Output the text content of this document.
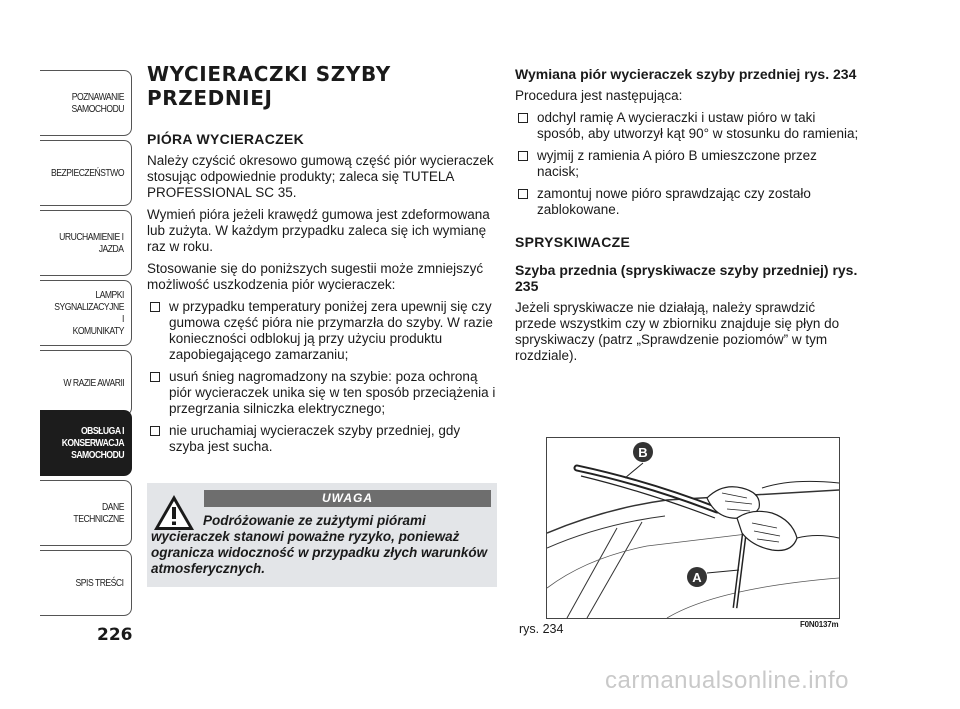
POZNAWANIE
SAMOCHODU
BEZPIECZEŃSTWO
URUCHAMIENIE I
JAZDA
LAMPKI
SYGNALIZACYJNE I
KOMUNIKATY
W RAZIE AWARII
OBSŁUGA I
KONSERWACJA
SAMOCHODU
DANE TECHNICZNE
SPIS TREŚCI
226
WYCIERACZKI SZYBY PRZEDNIEJ
PIÓRA WYCIERACZEK

Należy czyścić okresowo gumową część piór wycieraczek stosując odpowiednie produkty; zaleca się TUTELA PROFESSIONAL SC 35.

Wymień pióra jeżeli krawędź gumowa jest zdeformowana lub zużyta. W każdym przypadku zaleca się ich wymianę raz w roku.

Stosowanie się do poniższych sugestii może zmniejszyć możliwość uszkodzenia piór wycieraczek:

w przypadku temperatury poniżej zera upewnij się czy gumowa część pióra nie przymarzła do szyby. W razie konieczności odblokuj ją przy użyciu produktu zapobiegającego zamarzaniu;
usuń śnieg nagromadzony na szybie: poza ochroną piór wycieraczek unika się w ten sposób przeciążenia i przegrzania silniczka elektrycznego;
nie uruchamiaj wycieraczek szyby przedniej, gdy szyba jest sucha.
UWAGA
Podróżowanie ze zużytymi piórami wycieraczek stanowi poważne ryzyko, ponieważ ogranicza widoczność w przypadku złych warunków atmosferycznych.
Wymiana piór wycieraczek szyby przedniej rys. 234

Procedura jest następująca:

odchyl ramię A wycieraczki i ustaw pióro w taki sposób, aby utworzył kąt 90° w stosunku do ramienia;
wyjmij z ramienia A pióro B umieszczone przez nacisk;
zamontuj nowe pióro sprawdzając czy zostało zablokowane.
SPRYSKIWACZE
Szyba przednia (spryskiwacze szyby przedniej) rys. 235

Jeżeli spryskiwacze nie działają, należy sprawdzić przede wszystkim czy w zbiorniku znajduje się płyn do spryskiwaczy (patrz „Sprawdzenie poziomów” w tym rozdziale).

B
A
rys. 234	F0N0137m
carmanualsonline.info
